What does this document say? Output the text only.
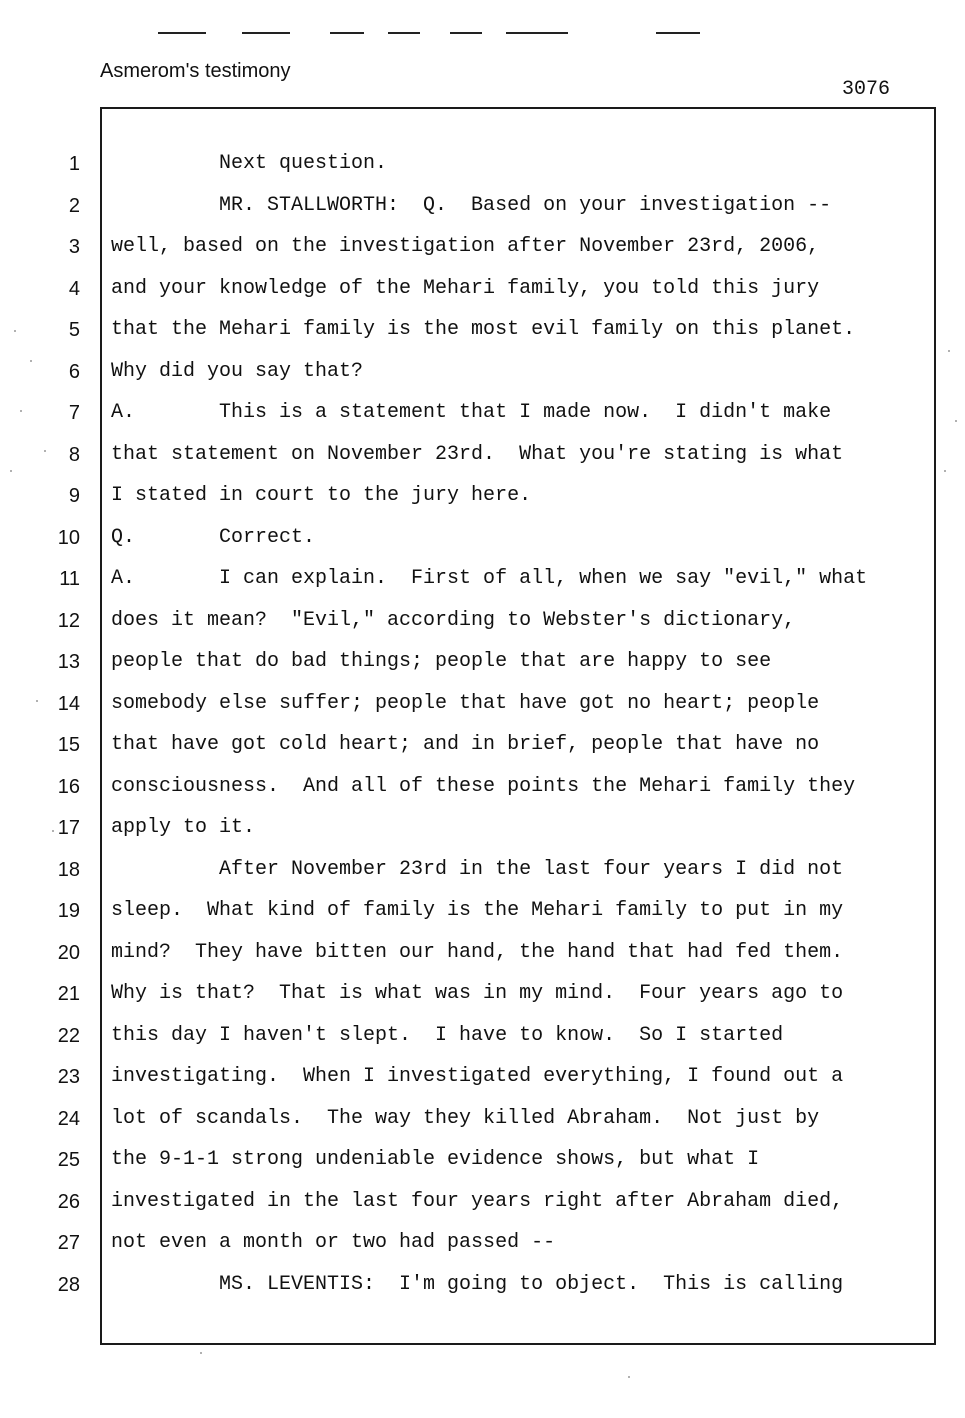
Asmerom's testimony
3076
1 Next question.
2 MR. STALLWORTH:  Q.  Based on your investigation --
3 well, based on the investigation after November 23rd, 2006,
4 and your knowledge of the Mehari family, you told this jury
5 that the Mehari family is the most evil family on this planet.
6 Why did you say that?
7 A.       This is a statement that I made now.  I didn't make
8 that statement on November 23rd.  What you're stating is what
9 I stated in court to the jury here.
10 Q.       Correct.
11 A.       I can explain.  First of all, when we say "evil," what
12 does it mean?  "Evil," according to Webster's dictionary,
13 people that do bad things; people that are happy to see
14 somebody else suffer; people that have got no heart; people
15 that have got cold heart; and in brief, people that have no
16 consciousness.  And all of these points the Mehari family they
17 apply to it.
18 After November 23rd in the last four years I did not
19 sleep.  What kind of family is the Mehari family to put in my
20 mind?  They have bitten our hand, the hand that had fed them.
21 Why is that?  That is what was in my mind.  Four years ago to
22 this day I haven't slept.  I have to know.  So I started
23 investigating.  When I investigated everything, I found out a
24 lot of scandals.  The way they killed Abraham.  Not just by
25 the 9-1-1 strong undeniable evidence shows, but what I
26 investigated in the last four years right after Abraham died,
27 not even a month or two had passed --
28 MS. LEVENTIS:  I'm going to object.  This is calling
